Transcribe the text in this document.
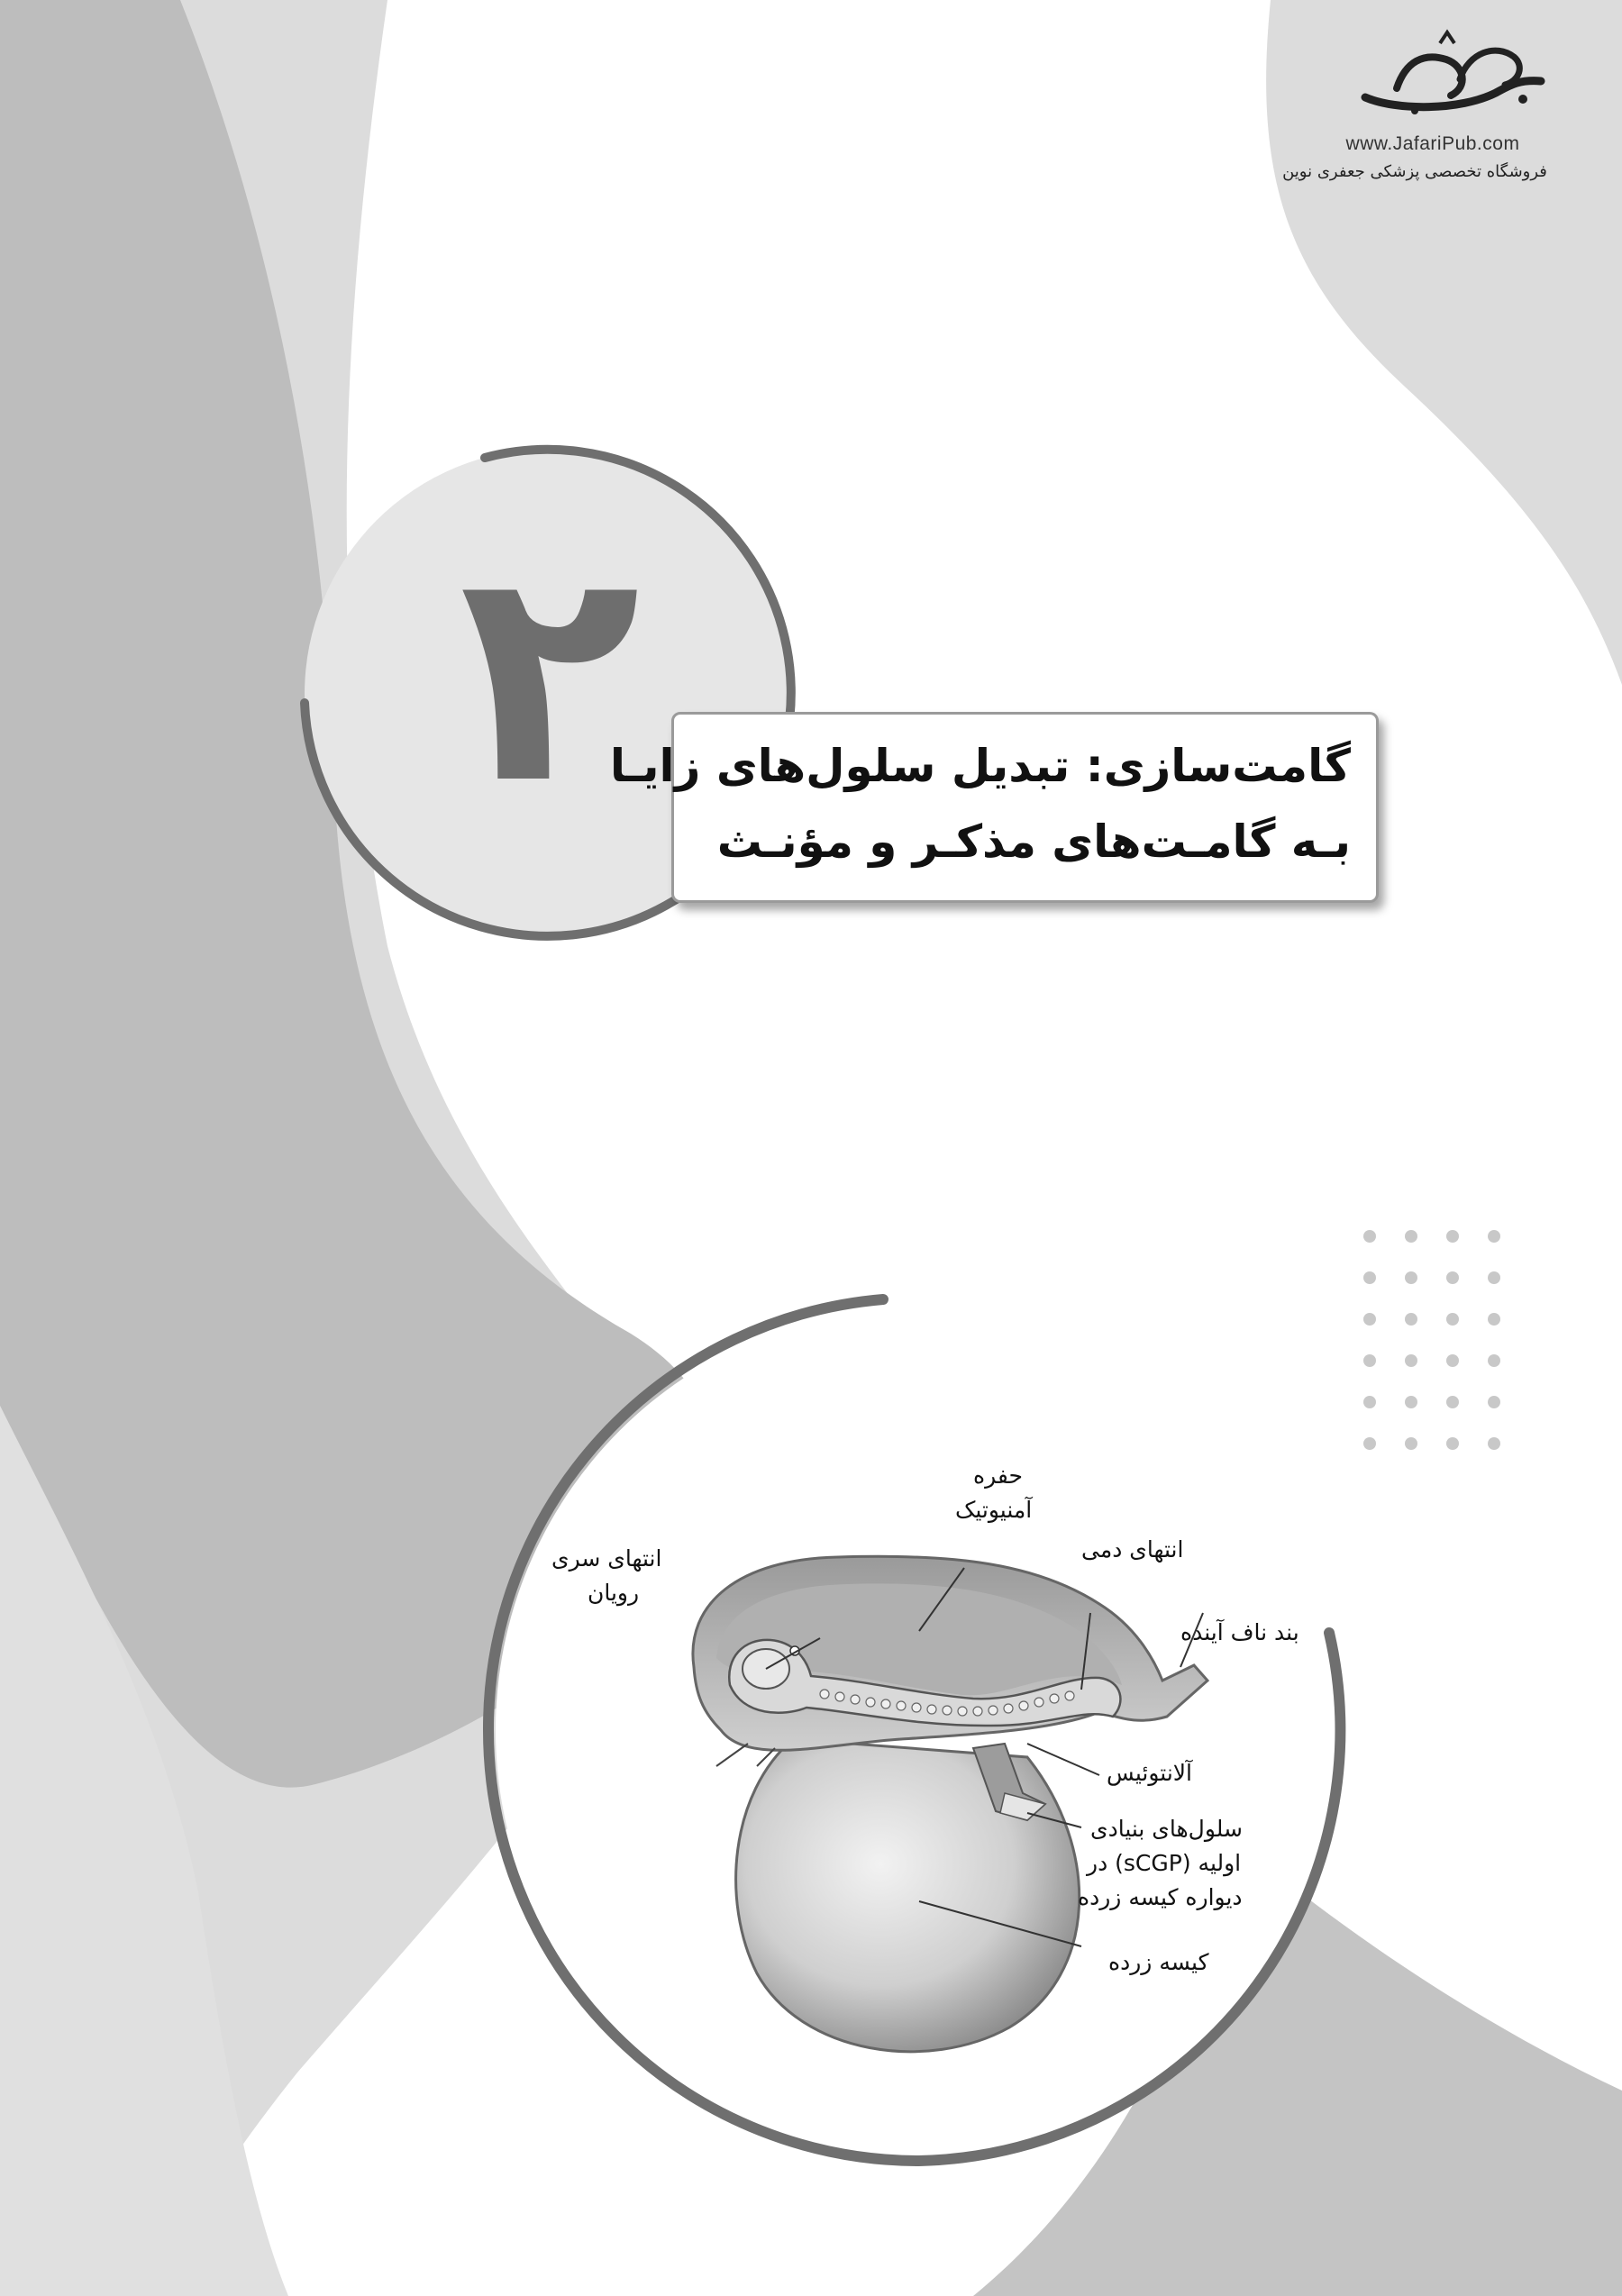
www.JafariPub.com
فروشگاه تخصصی پزشکی جعفری نوین
۲
گامت‌سازی: تبدیل سلول‌های زایـا
بـه گامـت‌های مذکـر و مؤنـث
حفره
آمنیوتیک
انتهای سری
رویان
انتهای دمی
بند ناف آینده
آلانتوئیس
سلول‌های بنیادی
اولیه (sCGP) در
دیواره کیسه زرده
کیسه زرده
